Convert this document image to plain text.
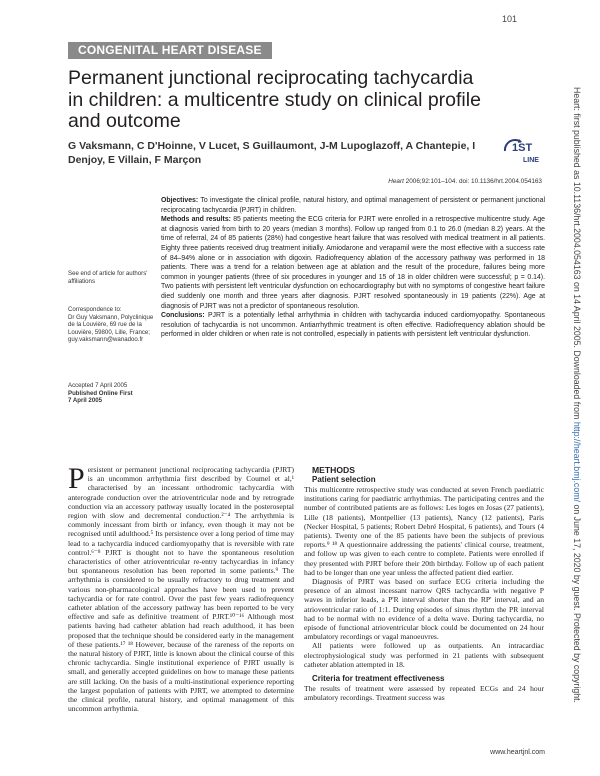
101
CONGENITAL HEART DISEASE
Permanent junctional reciprocating tachycardia in children: a multicentre study on clinical profile and outcome
G Vaksmann, C D'Hoinne, V Lucet, S Guillaumont, J-M Lupoglazoff, A Chantepie, I Denjoy, E Villain, F Marçon
1ST
LINE
Heart 2006;92:101–104. doi: 10.1136/hrt.2004.054163

Objectives: To investigate the clinical profile, natural history, and optimal management of persistent or permanent junctional reciprocating tachycardia (PJRT) in children.

Methods and results: 85 patients meeting the ECG criteria for PJRT were enrolled in a retrospective multicentre study. Age at diagnosis varied from birth to 20 years (median 3 months). Follow up ranged from 0.1 to 26.0 (median 8.2) years. At the time of referral, 24 of 85 patients (28%) had congestive heart failure that was resolved with medical treatment in all patients. Eighty three patients received drug treatment initially. Amiodarone and verapamil were the most effective with a success rate of 84–94% alone or in association with digoxin. Radiofrequency ablation of the accessory pathway was performed in 18 patients. There was a trend for a relation between age at ablation and the result of the procedure, failures being more common in younger patients (three of six procedures in younger and 15 of 18 in older children were successful; p = 0.14). Two patients with persistent left ventricular dysfunction on echocardiography but with no symptoms of congestive heart failure died suddenly one month and three years after diagnosis. PJRT resolved spontaneously in 19 patients (22%). Age at diagnosis of PJRT was not a predictor of spontaneous resolution.

Conclusions: PJRT is a potentially lethal arrhythmia in children with tachycardia induced cardiomyopathy. Spontaneous resolution of tachycardia is not uncommon. Antiarrhythmic treatment is often effective. Radiofrequency ablation should be performed in older children or when rate is not controlled, especially in patients with persistent left ventricular dysfunction.

See end of article for authors' affiliations

Correspondence to:

Dr Guy Vaksmann, Polyclinique de la Louvière, 69 rue de la Louvière, 59800, Lille, France; guy.vaksmann@wanadoo.fr

Accepted 7 April 2005

Published Online First

7 April 2005

Persistent or permanent junctional reciprocating tachycardia (PJRT) is an uncommon arrhythmia first described by Coumel et al,¹ characterised by an incessant orthodromic tachycardia with anterograde conduction over the atrioventricular node and by retrograde conduction via an accessory pathway usually located in the posteroseptal region with slow and decremental conduction.²⁻⁴ The arrhythmia is commonly incessant from birth or infancy, even though it may not be recognised until adulthood.⁵ Its persistence over a long period of time may lead to a tachycardia induced cardiomyopathy that is reversible with rate control.⁶⁻⁸ PJRT is thought not to have the spontaneous resolution characteristics of other atrioventricular re-entry tachycardias in infancy but spontaneous resolution has been reported in some patients.⁹ The arrhythmia is considered to be usually refractory to drug treatment and various non-pharmacological approaches have been used to prevent tachycardia or for rate control. Over the past few years radiofrequency catheter ablation of the accessory pathway has been reported to be very effective and safe as definitive treatment of PJRT.¹⁰⁻¹⁶ Although most patients having had catheter ablation had reach adulthood, it has been proposed that the technique should be considered early in the management of these patients.¹⁷ ¹⁸ However, because of the rareness of the reports on the natural history of PJRT, little is known about the clinical course of this chronic tachycardia. Single institutional experience of PJRT usually is small, and generally accepted guidelines on how to manage these patients are still lacking. On the basis of a multi-institutional experience reporting the largest population of patients with PJRT, we attempted to determine the clinical profile, natural history, and optimal management of this uncommon arrhythmia.

METHODS

Patient selection

This multicentre retrospective study was conducted at seven French paediatric institutions caring for paediatric arrhythmias. The participating centres and the number of contributed patients are as follows: Les loges en Josas (27 patients), Lille (18 patients), Montpellier (13 patients), Nancy (12 patients), Paris (Necker Hospital, 5 patients; Robert Debré Hospital, 6 patients), and Tours (4 patients). Twenty one of the 85 patients have been the subjects of previous reports.⁹ ¹⁸ A questionnaire addressing the patients' clinical course, treatment, and follow up was given to each centre to complete. Patients were enrolled if they presented with PJRT before their 20th birthday. Follow up of each patient had to be longer than one year unless the affected patient died earlier.

Diagnosis of PJRT was based on surface ECG criteria including the presence of an almost incessant narrow QRS tachycardia with negative P waves in inferior leads, a P'R interval shorter than the RP' interval, and an atrioventricular ratio of 1:1. During episodes of sinus rhythm the PR interval had to be normal with no evidence of a delta wave. During tachycardia, no episode of functional atrioventricular block could be documented on 24 hour ambulatory recordings or vagal manoeuvres.

All patients were followed up as outpatients. An intracardiac electrophysiological study was performed in 21 patients with subsequent catheter ablation attempted in 18.

Criteria for treatment effectiveness

The results of treatment were assessed by repeated ECGs and 24 hour ambulatory recordings. Treatment success was

www.heartjnl.com
Heart: first published as 10.1136/hrt.2004.054163 on 14 April 2005. Downloaded from http://heart.bmj.com/ on June 17, 2020 by guest. Protected by copyright.
